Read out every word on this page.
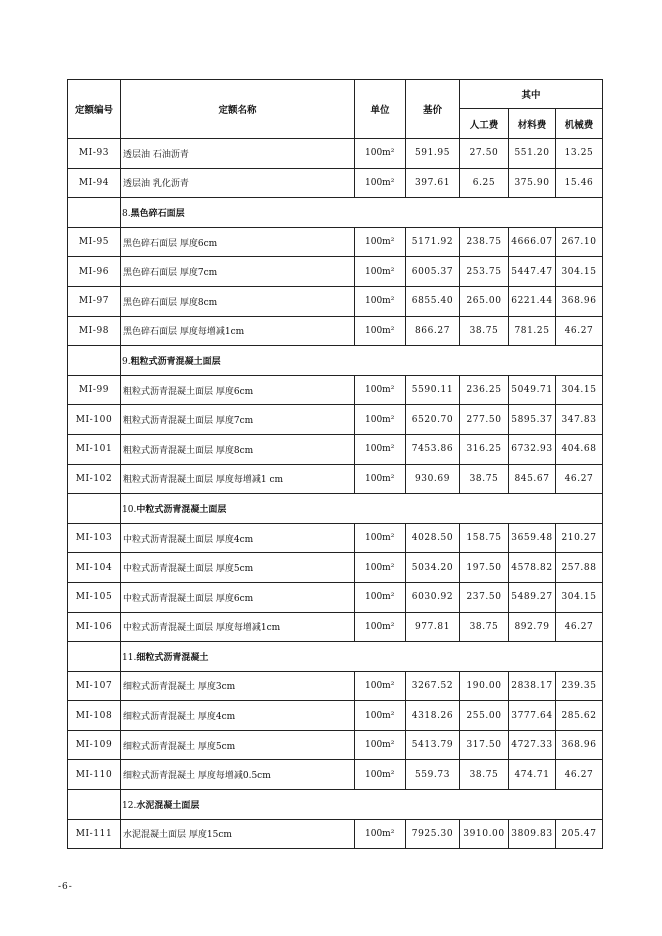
定额编号	定额名称	单位	基价	其中		
				人工费	材料费	机械费
MI-93	透层油 石油沥青	100m²	591.95	27.50	551.20	13.25
MI-94	透层油 乳化沥青	100m²	397.61	6.25	375.90	15.46
	8.黑色碎石面层					
MI-95	黑色碎石面层 厚度6cm	100m²	5171.92	238.75	4666.07	267.10
MI-96	黑色碎石面层 厚度7cm	100m²	6005.37	253.75	5447.47	304.15
MI-97	黑色碎石面层 厚度8cm	100m²	6855.40	265.00	6221.44	368.96
MI-98	黑色碎石面层 厚度每增减1cm	100m²	866.27	38.75	781.25	46.27
	9.粗粒式沥青混凝土面层					
MI-99	粗粒式沥青混凝土面层 厚度6cm	100m²	5590.11	236.25	5049.71	304.15
MI-100	粗粒式沥青混凝土面层 厚度7cm	100m²	6520.70	277.50	5895.37	347.83
MI-101	粗粒式沥青混凝土面层 厚度8cm	100m²	7453.86	316.25	6732.93	404.68
MI-102	粗粒式沥青混凝土面层 厚度每增减1 cm	100m²	930.69	38.75	845.67	46.27
	10.中粒式沥青混凝土面层					
MI-103	中粒式沥青混凝土面层 厚度4cm	100m²	4028.50	158.75	3659.48	210.27
MI-104	中粒式沥青混凝土面层 厚度5cm	100m²	5034.20	197.50	4578.82	257.88
MI-105	中粒式沥青混凝土面层 厚度6cm	100m²	6030.92	237.50	5489.27	304.15
MI-106	中粒式沥青混凝土面层 厚度每增减1cm	100m²	977.81	38.75	892.79	46.27
	11.细粒式沥青混凝土					
MI-107	细粒式沥青混凝土 厚度3cm	100m²	3267.52	190.00	2838.17	239.35
MI-108	细粒式沥青混凝土 厚度4cm	100m²	4318.26	255.00	3777.64	285.62
MI-109	细粒式沥青混凝土 厚度5cm	100m²	5413.79	317.50	4727.33	368.96
MI-110	细粒式沥青混凝土 厚度每增减0.5cm	100m²	559.73	38.75	474.71	46.27
	12.水泥混凝土面层					
MI-111	水泥混凝土面层 厚度15cm	100m²	7925.30	3910.00	3809.83	205.47
-6-
